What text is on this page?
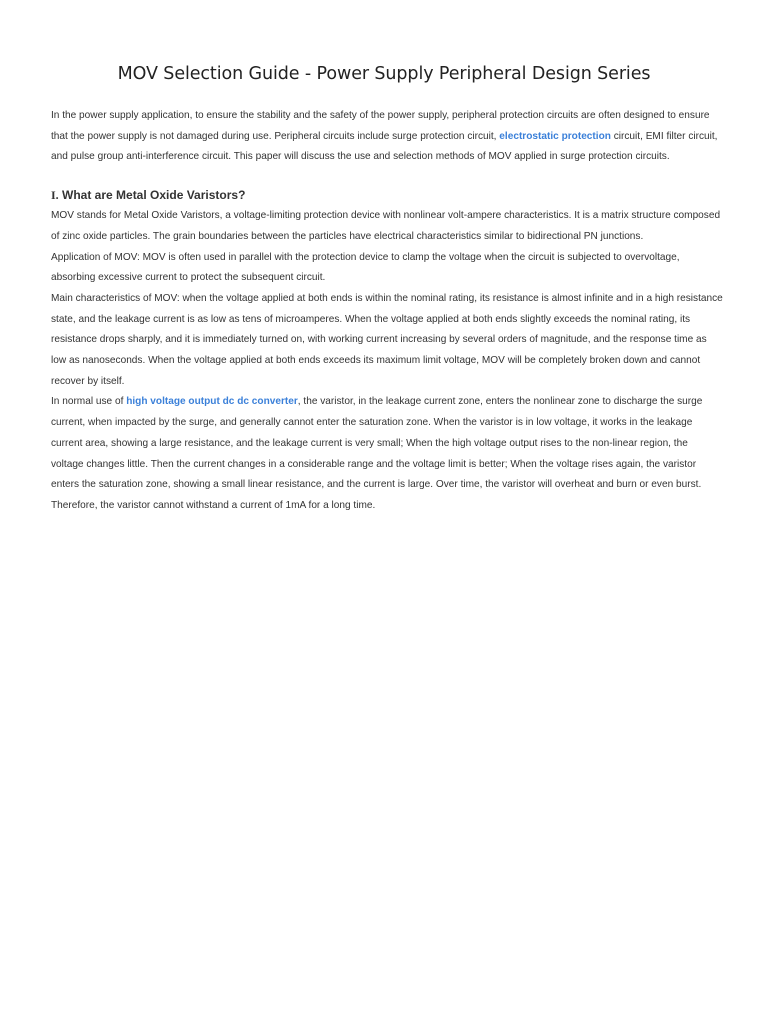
MOV Selection Guide - Power Supply Peripheral Design Series

In the power supply application, to ensure the stability and the safety of the power supply, peripheral protection circuits are often designed to ensure that the power supply is not damaged during use. Peripheral circuits include surge protection circuit, electrostatic protection circuit, EMI filter circuit, and pulse group anti-interference circuit. This paper will discuss the use and selection methods of MOV applied in surge protection circuits.

I. What are Metal Oxide Varistors?

MOV stands for Metal Oxide Varistors, a voltage-limiting protection device with nonlinear volt-ampere characteristics. It is a matrix structure composed of zinc oxide particles. The grain boundaries between the particles have electrical characteristics similar to bidirectional PN junctions.

Application of MOV: MOV is often used in parallel with the protection device to clamp the voltage when the circuit is subjected to overvoltage, absorbing excessive current to protect the subsequent circuit.

Main characteristics of MOV: when the voltage applied at both ends is within the nominal rating, its resistance is almost infinite and in a high resistance state, and the leakage current is as low as tens of microamperes. When the voltage applied at both ends slightly exceeds the nominal rating, its resistance drops sharply, and it is immediately turned on, with working current increasing by several orders of magnitude, and the response time as low as nanoseconds. When the voltage applied at both ends exceeds its maximum limit voltage, MOV will be completely broken down and cannot recover by itself.

In normal use of high voltage output dc dc converter, the varistor, in the leakage current zone, enters the nonlinear zone to discharge the surge current, when impacted by the surge, and generally cannot enter the saturation zone. When the varistor is in low voltage, it works in the leakage current area, showing a large resistance, and the leakage current is very small; When the high voltage output rises to the non-linear region, the voltage changes little. Then the current changes in a considerable range and the voltage limit is better; When the voltage rises again, the varistor enters the saturation zone, showing a small linear resistance, and the current is large. Over time, the varistor will overheat and burn or even burst. Therefore, the varistor cannot withstand a current of 1mA for a long time.
